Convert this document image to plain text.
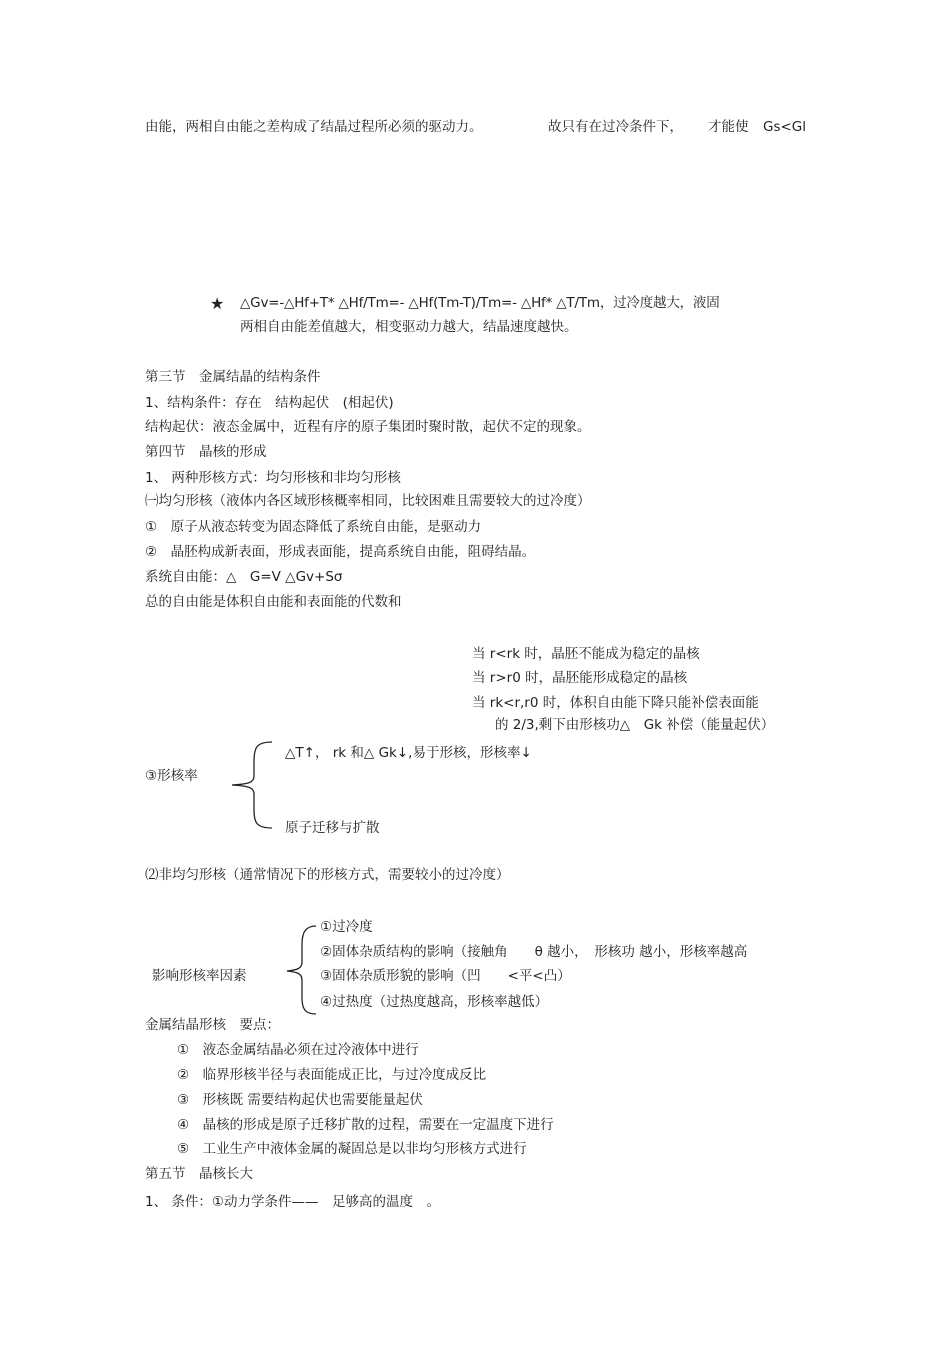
由能，两相自由能之差构成了结晶过程所必须的驱动力。	故只有在过冷条件下， 才能使 Gs<Gl
★ △Gv=-△Hf+T* △Hf/Tm=- △Hf(Tm-T)/Tm=- △Hf* △T/Tm，过冷度越大，液固
两相自由能差值越大，相变驱动力越大，结晶速度越快。
第三节　金属结晶的结构条件
1、结构条件：存在　结构起伏　(相起伏)
结构起伏：液态金属中，近程有序的原子集团时聚时散，起伏不定的现象。
第四节　晶核的形成
1、 两种形核方式：均匀形核和非均匀形核
㈠均匀形核（液体内各区域形核概率相同，比较困难且需要较大的过冷度）
①　原子从液态转变为固态降低了系统自由能，是驱动力
②　晶胚构成新表面，形成表面能，提高系统自由能，阻碍结晶。
系统自由能：△　G=V △Gv+Sσ
总的自由能是体积自由能和表面能的代数和
当 r<rk 时，晶胚不能成为稳定的晶核
当 r>r0 时，晶胚能形成稳定的晶核
当 rk<r,r0 时，体积自由能下降只能补偿表面能
的 2/3,剩下由形核功△　Gk 补偿（能量起伏）
③形核率
△T↑， rk 和△ Gk↓,易于形核，形核率↓
原子迁移与扩散
⑵非均匀形核（通常情况下的形核方式，需要较小的过冷度）
影响形核率因素
①过冷度
②固体杂质结构的影响（接触角　　θ 越小，　形核功 越小，形核率越高
③固体杂质形貌的影响（凹　　<平<凸）
④过热度（过热度越高，形核率越低）
金属结晶形核　要点：
①　液态金属结晶必须在过冷液体中进行
②　临界形核半径与表面能成正比，与过冷度成反比
③　形核既 需要结构起伏也需要能量起伏
④　晶核的形成是原子迁移扩散的过程，需要在一定温度下进行
⑤　工业生产中液体金属的凝固总是以非均匀形核方式进行
第五节　晶核长大
1、 条件：①动力学条件——　足够高的温度　。
